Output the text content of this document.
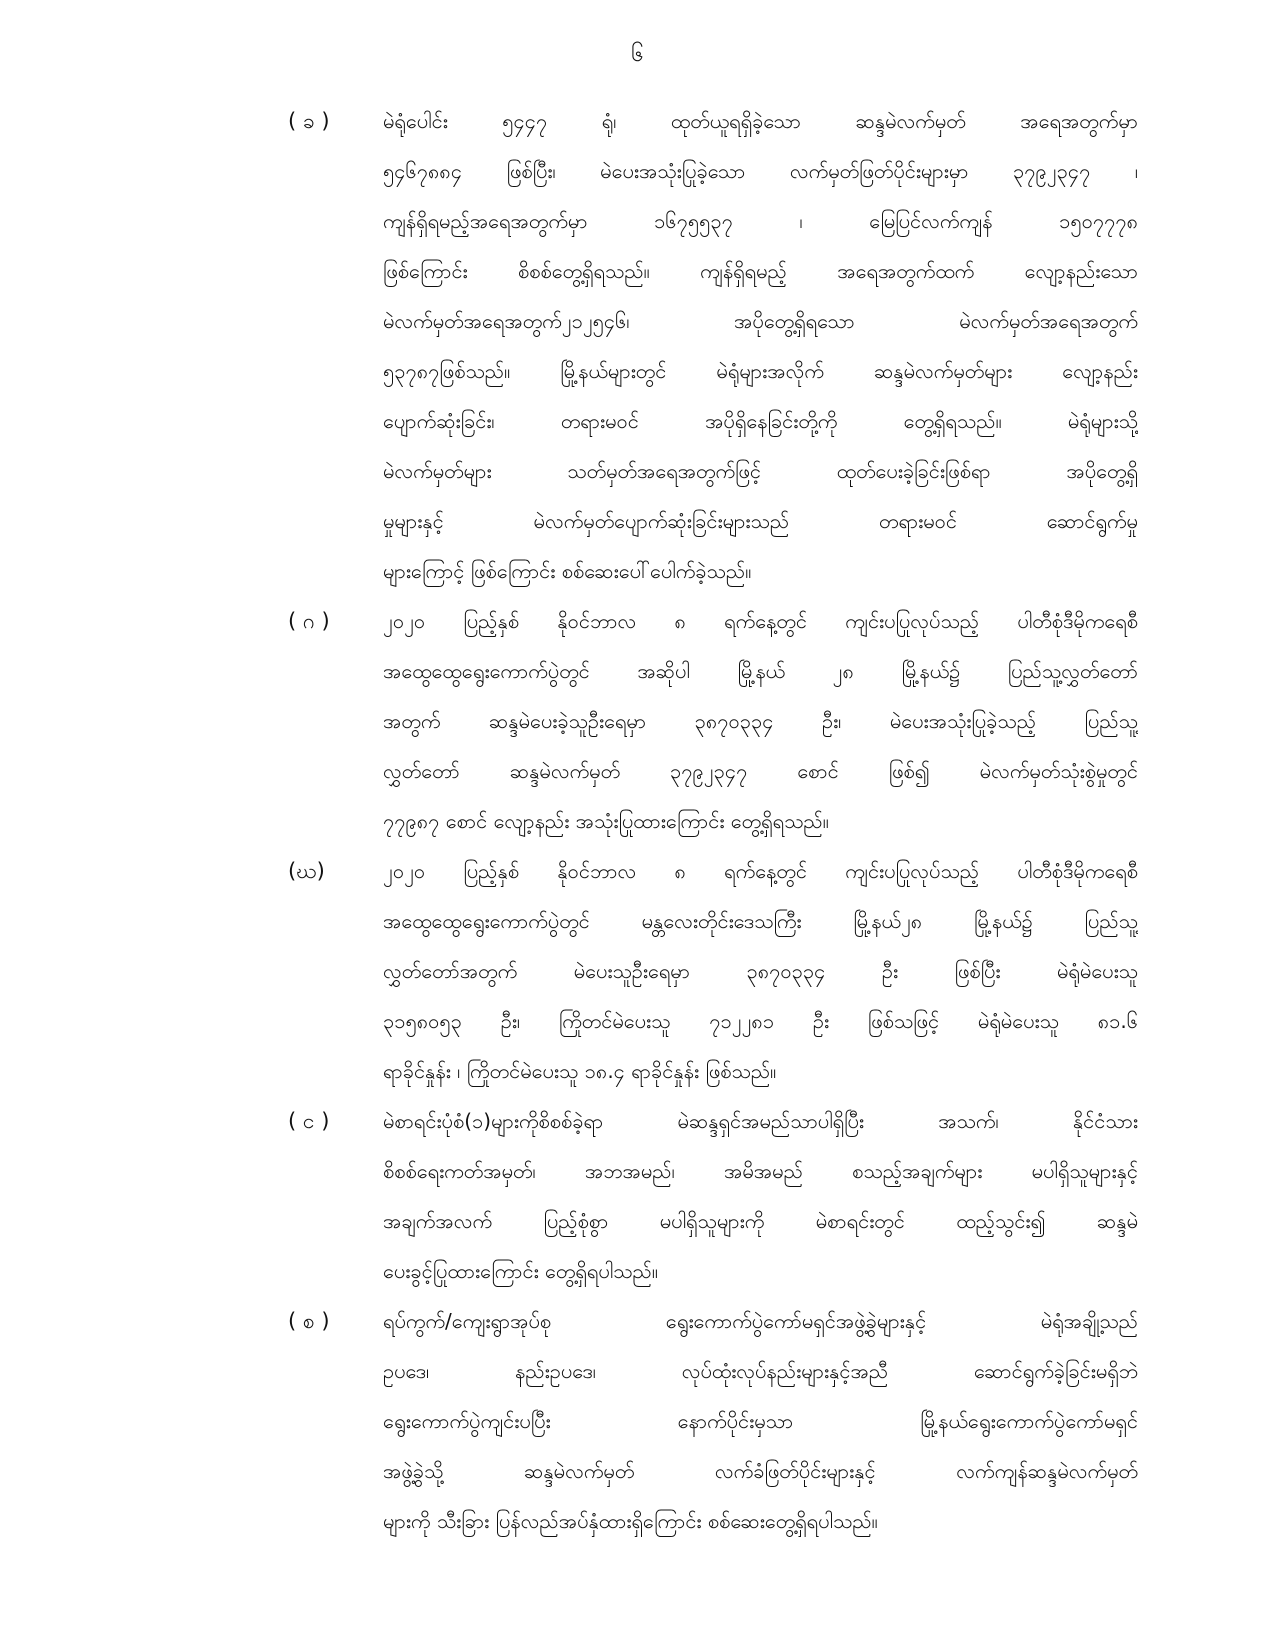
၆
( ခ )	မဲရုံပေါင်း ၅၄၄၇ ရုံ၊ ထုတ်ယူရရှိခဲ့သော ဆန္ဒမဲလက်မှတ် အရေအတွက်မှာ
၅၄၆၇၈၈၄ ဖြစ်ပြီး၊ မဲပေးအသုံးပြုခဲ့သော လက်မှတ်ဖြတ်ပိုင်းများမှာ ၃၇၉၂၃၄၇ ၊
ကျန်ရှိရမည့်အရေအတွက်မှာ ၁၆၇၅၅၃၇ ၊ မြေပြင်လက်ကျန် ၁၅၀၇၇၇၈
ဖြစ်ကြောင်း စိစစ်တွေ့ရှိရသည်။ ကျန်ရှိရမည့် အရေအတွက်ထက် လျော့နည်းသော
မဲလက်မှတ်အရေအတွက်၂၁၂၅၄၆၊ အပိုတွေ့ရှိရသော မဲလက်မှတ်အရေအတွက်
၅၃၇၈၇ဖြစ်သည်။ မြို့နယ်များတွင် မဲရုံများအလိုက် ဆန္ဒမဲလက်မှတ်များ လျော့နည်း
ပျောက်ဆုံးခြင်း၊ တရားမဝင် အပိုရှိနေခြင်းတို့ကို တွေ့ရှိရသည်။ မဲရုံများသို့
မဲလက်မှတ်များ သတ်မှတ်အရေအတွက်ဖြင့် ထုတ်ပေးခဲ့ခြင်းဖြစ်ရာ အပိုတွေ့ရှိ
မှုများနှင့် မဲလက်မှတ်ပျောက်ဆုံးခြင်းများသည် တရားမဝင် ဆောင်ရွက်မှု
များကြောင့် ဖြစ်ကြောင်း စစ်ဆေးပေါ်ပေါက်ခဲ့သည်။
( ဂ )	၂၀၂၀ ပြည့်နှစ် နိုဝင်ဘာလ ၈ ရက်နေ့တွင် ကျင်းပပြုလုပ်သည့် ပါတီစုံဒီမိုကရေစီ
အထွေထွေရွေးကောက်ပွဲတွင် အဆိုပါ မြို့နယ် ၂၈ မြို့နယ်၌ ပြည်သူ့လွှတ်တော်
အတွက် ဆန္ဒမဲပေးခဲ့သူဦးရေမှာ ၃၈၇၀၃၃၄ ဦး၊ မဲပေးအသုံးပြုခဲ့သည့် ပြည်သူ့
လွှတ်တော် ဆန္ဒမဲလက်မှတ် ၃၇၉၂၃၄၇ စောင် ဖြစ်၍ မဲလက်မှတ်သုံးစွဲမှုတွင်
၇၇၉၈၇ စောင် လျော့နည်း အသုံးပြုထားကြောင်း တွေ့ရှိရသည်။
(ဃ)	၂၀၂၀ ပြည့်နှစ် နိုဝင်ဘာလ ၈ ရက်နေ့တွင် ကျင်းပပြုလုပ်သည့် ပါတီစုံဒီမိုကရေစီ
အထွေထွေရွေးကောက်ပွဲတွင် မန္တလေးတိုင်းဒေသကြီး မြို့နယ်၂၈ မြို့နယ်၌ ပြည်သူ့
လွှတ်တော်အတွက် မဲပေးသူဦးရေမှာ ၃၈၇၀၃၃၄ ဦး ဖြစ်ပြီး မဲရုံမဲပေးသူ
၃၁၅၈၀၅၃ ဦး၊ ကြိုတင်မဲပေးသူ ၇၁၂၂၈၁ ဦး ဖြစ်သဖြင့် မဲရုံမဲပေးသူ ၈၁.၆
ရာခိုင်နှုန်း ၊ ကြိုတင်မဲပေးသူ ၁၈.၄ ရာခိုင်နှုန်း ဖြစ်သည်။
( င )	မဲစာရင်းပုံစံ(၁)များကိုစိစစ်ခဲ့ရာ မဲဆန္ဒရှင်အမည်သာပါရှိပြီး အသက်၊ နိုင်ငံသား
စိစစ်ရေးကတ်အမှတ်၊ အဘအမည်၊ အမိအမည် စသည့်အချက်များ မပါရှိသူများနှင့်
အချက်အလက် ပြည့်စုံစွာ မပါရှိသူများကို မဲစာရင်းတွင် ထည့်သွင်း၍ ဆန္ဒမဲ
ပေးခွင့်ပြုထားကြောင်း တွေ့ရှိရပါသည်။
( စ )	ရပ်ကွက်/ကျေးရွာအုပ်စု ရွေးကောက်ပွဲကော်မရှင်အဖွဲ့ခွဲများနှင့် မဲရုံအချို့သည်
ဥပဒေ၊ နည်းဥပဒေ၊ လုပ်ထုံးလုပ်နည်းများနှင့်အညီ ဆောင်ရွက်ခဲ့ခြင်းမရှိဘဲ
ရွေးကောက်ပွဲကျင်းပပြီး နောက်ပိုင်းမှသာ မြို့နယ်ရွေးကောက်ပွဲကော်မရှင်
အဖွဲ့ခွဲသို့ ဆန္ဒမဲလက်မှတ် လက်ခံဖြတ်ပိုင်းများနှင့် လက်ကျန်ဆန္ဒမဲလက်မှတ်
များကို သီးခြား ပြန်လည်အပ်နှံထားရှိကြောင်း စစ်ဆေးတွေ့ရှိရပါသည်။
